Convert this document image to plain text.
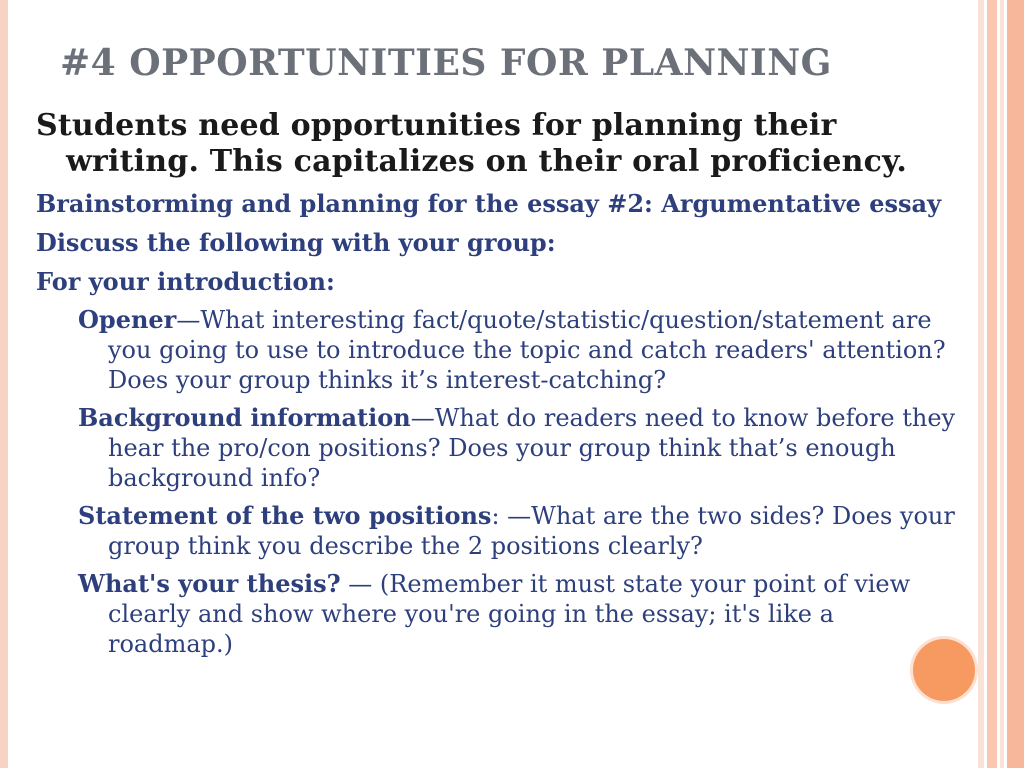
#4 OPPORTUNITIES FOR PLANNING

Students need opportunities for planning their writing. This capitalizes on their oral proficiency.

Brainstorming and planning for the essay #2: Argumentative essay

Discuss the following with your group:

For your introduction:

Opener—What interesting fact/quote/statistic/question/statement are you going to use to introduce the topic and catch readers' attention? Does your group thinks it’s interest-catching?

Background information—What do readers need to know before they hear the pro/con positions? Does your group think that’s enough background info?

Statement of the two positions: —What are the two sides? Does your group think you describe the 2 positions clearly?

What's your thesis? — (Remember it must state your point of view clearly and show where you're going in the essay; it's like a roadmap.)
